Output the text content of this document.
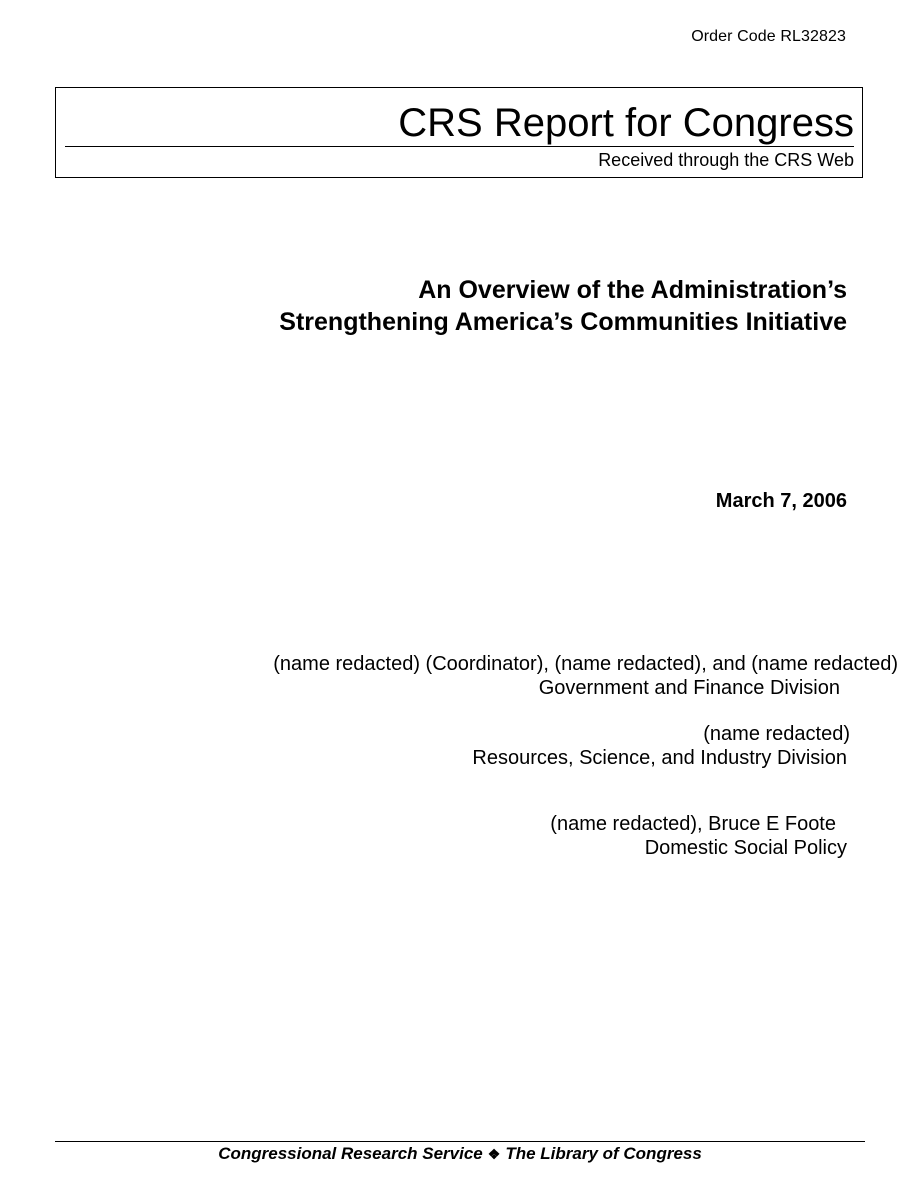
Order Code RL32823
CRS Report for Congress
Received through the CRS Web
An Overview of the Administration’s
Strengthening America’s Communities Initiative
March 7, 2006
(name redacted) (Coordinator), (name redacted), and (name redacted)
Government and Finance Division
(name redacted)
Resources, Science, and Industry Division
(name redacted), Bruce E Foote
Domestic Social Policy
Congressional Research Service ❖ The Library of Congress
